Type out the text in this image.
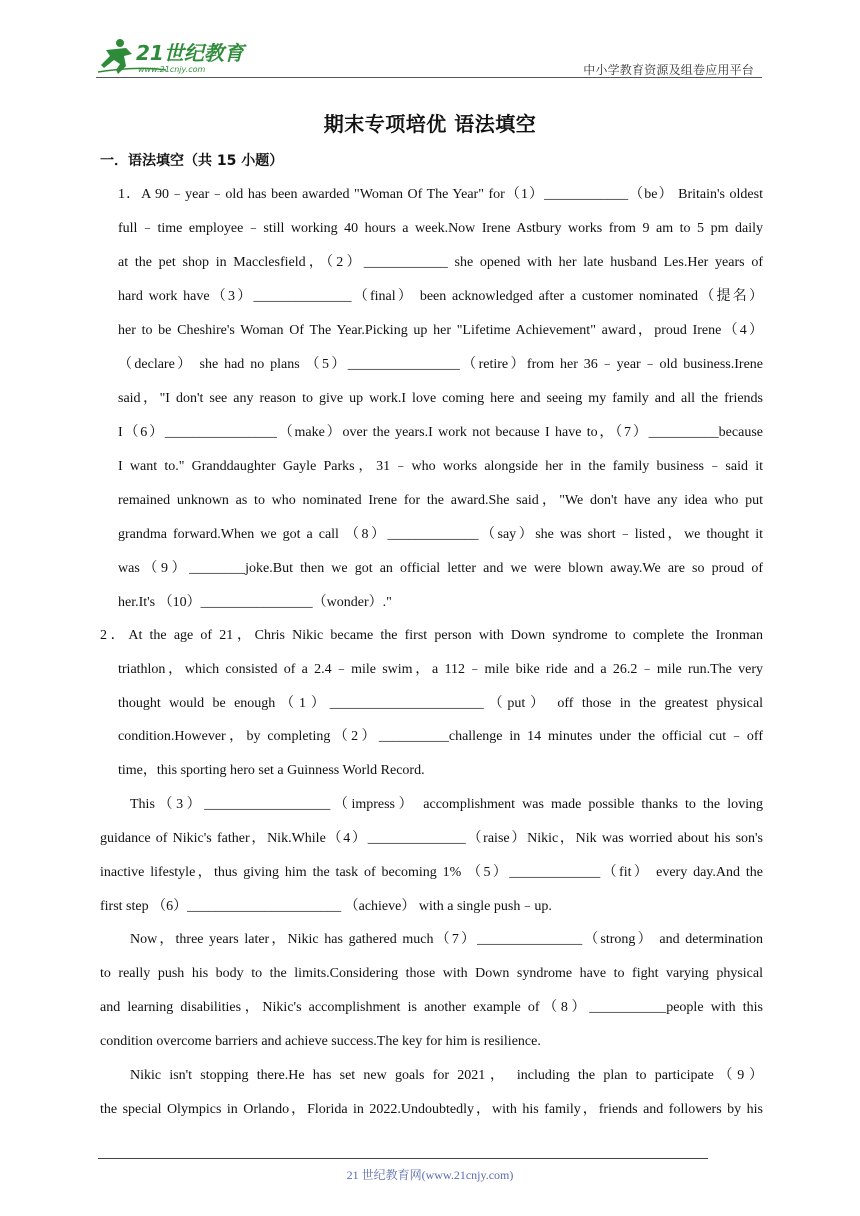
21世纪教育
www.21cnjy.com	中小学教育资源及组卷应用平台
期末专项培优 语法填空
一．语法填空（共 15 小题）
1．A 90﹣year﹣old has been awarded "Woman Of The Year" for（1）____________（be） Britain's oldest
full﹣time employee﹣still working 40 hours a week.Now Irene Astbury works from 9 am to 5 pm daily
at the pet shop in Macclesfield，（2）____________ she opened with her late husband Les.Her years of
hard work have（3）______________（final） been acknowledged after a customer nominated（提名）
her to be Cheshire's Woman Of The Year.Picking up her "Lifetime Achievement" award，proud Irene（4）
（declare） she had no plans （5）________________（retire）from her 36﹣year﹣old business.Irene
said，"I don't see any reason to give up work.I love coming here and seeing my family and all the friends
I（6）________________（make）over the years.I work not because I have to，（7）__________because
I want to." Granddaughter Gayle Parks，31﹣who works alongside her in the family business﹣said it
remained unknown as to who nominated Irene for the award.She said，"We don't have any idea who put
grandma forward.When we got a call （8）_____________（say）she was short﹣listed，we thought it
was（9）________joke.But then we got an official letter and we were blown away.We are so proud of
her.It's （10）________________（wonder）."
2．At the age of 21，Chris Nikic became the first person with Down syndrome to complete the Ironman
triathlon，which consisted of a 2.4﹣mile swim，a 112﹣mile bike ride and a 26.2﹣mile run.The very
thought would be enough（1）______________________（put） off those in the greatest physical
condition.However，by completing（2）__________challenge in 14 minutes under the official cut﹣off
time，this sporting hero set a Guinness World Record.
This（3）__________________（impress） accomplishment was made possible thanks to the loving
guidance of Nikic's father，Nik.While（4）______________（raise）Nikic，Nik was worried about his son's
inactive lifestyle，thus giving him the task of becoming 1% （5）_____________（fit） every day.And the
first step （6）______________________ （achieve） with a single push﹣up.
Now，three years later，Nikic has gathered much（7）_______________（strong） and determination
to really push his body to the limits.Considering those with Down syndrome have to fight varying physical
and learning disabilities，Nikic's accomplishment is another example of（8）___________people with this
condition overcome barriers and achieve success.The key for him is resilience.
Nikic isn't stopping there.He has set new goals for 2021， including the plan to participate（9）
the special Olympics in Orlando，Florida in 2022.Undoubtedly，with his family，friends and followers by his
21 世纪教育网(www.21cnjy.com)
